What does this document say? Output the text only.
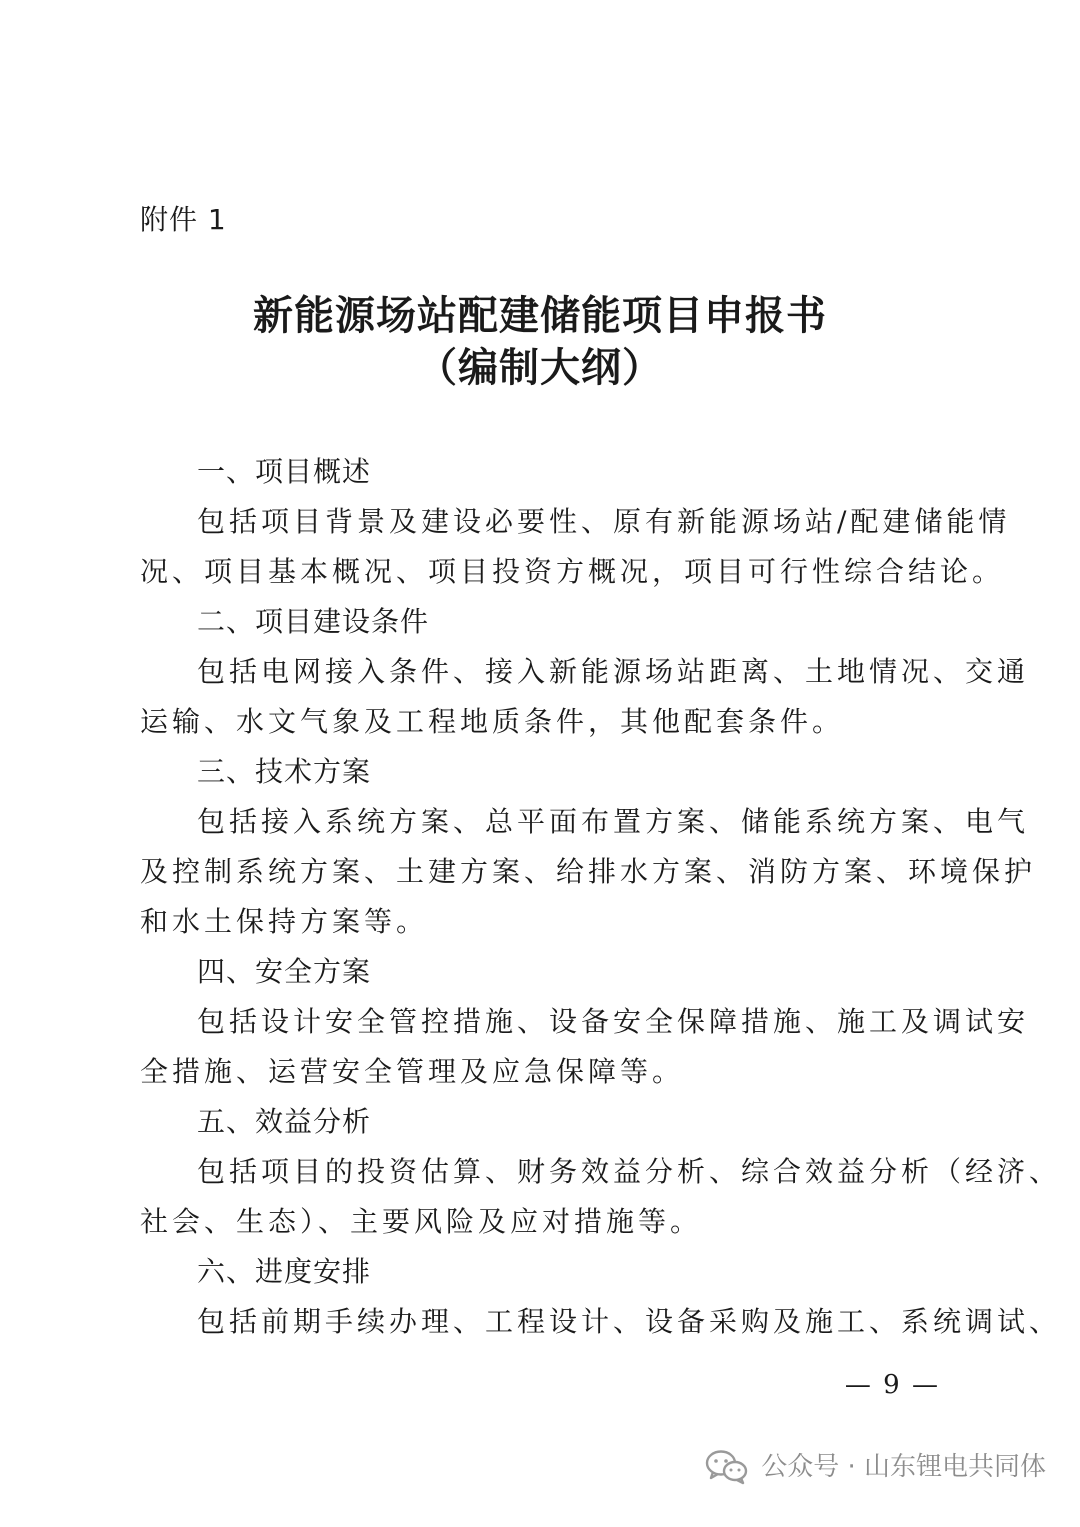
附件 1
新能源场站配建储能项目申报书
（编制大纲）
一、项目概述
包括项目背景及建设必要性、原有新能源场站/配建储能情
况、项目基本概况、项目投资方概况，项目可行性综合结论。
二、项目建设条件
包括电网接入条件、接入新能源场站距离、土地情况、交通
运输、水文气象及工程地质条件，其他配套条件。
三、技术方案
包括接入系统方案、总平面布置方案、储能系统方案、电气
及控制系统方案、土建方案、给排水方案、消防方案、环境保护
和水土保持方案等。
四、安全方案
包括设计安全管控措施、设备安全保障措施、施工及调试安
全措施、运营安全管理及应急保障等。
五、效益分析
包括项目的投资估算、财务效益分析、综合效益分析（经济、
社会、生态）、主要风险及应对措施等。
六、进度安排
包括前期手续办理、工程设计、设备采购及施工、系统调试、
— 9 —
公众号 · 山东锂电共同体
